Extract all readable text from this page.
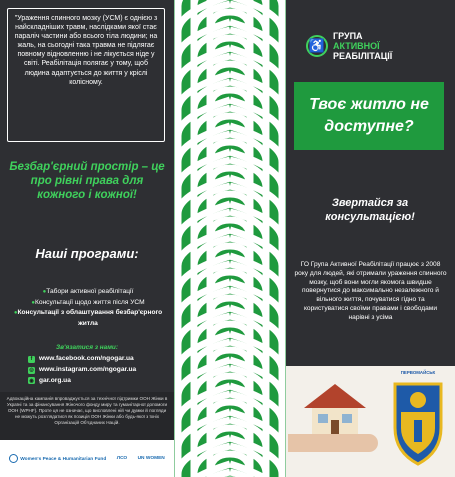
"Ураження спинного мозку (УСМ) є однією з найскладніших травм, наслідками якої стає параліч частини або всього тіла людини; на жаль, на сьогодні така травма не підлягає повному відновленню і не лікується ніде у світі. Реабілітація полягає у тому, щоб людина адаптується до життя у кріслі колісному.
Безбар'єрний простір – це про рівні права для кожного і кожної!
Наші програми:
● Табори активної реабілітації
● Консультації щодо життя після УСМ
● Консультації з облаштування безбар'єрного житла
Зв'язатися з нами:
f	www.facebook.com/ngogar.ua
◎ www.instagram.com/ngogar.ua
◉ gar.org.ua
Адвокаційна кампанія впроваджується за технічної підтримки ООН Жінки в Україні та за фінансування Жіночого фонду миру та гуманітарної допомоги ООН (WPHF). Проте ця не означає, що висловлені ній чи думки й погляди не можуть розглядатися як позиція ООН Жінки або будь-якої з їхніх Організацій Об'єднаних Націй.
Women's Peace & Humanitarian Fund ЛСО UN WOMEN
♿
ГРУПА
АКТИВНОЇ
РЕАБІЛІТАЦІЇ
Твоє житло не доступне?
Звертайся за консультацією!
ГО Група Активної Реабілітації працює з 2008 року для людей, які отримали ураження спинного мозку, щоб вони могли якомога швидше повернутися до максимально незалежного й вільного життя, почуватися гідно та користуватися своїми правами і свободами нарівні з усіма
ПЕРВОМАЙСЬК
